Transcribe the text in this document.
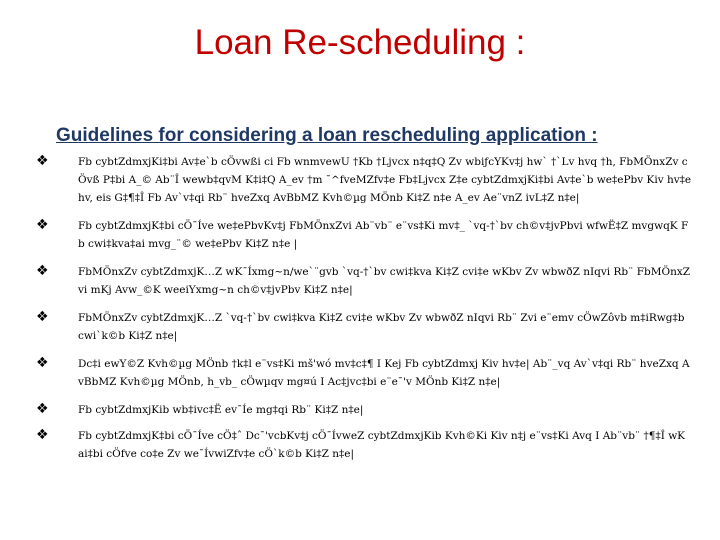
Loan Re-scheduling :
Guidelines for considering a loan rescheduling application :
❖	Fb cybtZdmxjKi‡bi Av‡e`b cÖvwßi ci Fb wnmvewU †Kb †Ljvcx n‡q‡Q Zv wbiƒcYKv‡j hw` †`Lv hvq †h, FbMÖnxZv cÖvß P‡bi A_© Ab¨Î wewb‡qvM K‡i‡Q A_ev †m ¯^fveMZfv‡e Fb‡Ljvcx Z‡e cybtZdmxjKi‡bi Av‡e`b we‡ePbv Kiv hv‡e hv, eis G‡¶‡Î Fb Av`v‡qi Rb¨ hveZxq AvBbMZ Kvh©µg MÖnb Ki‡Z n‡e A_ev Ae¨vnZ ivL‡Z n‡e|
❖	Fb cybtZdmxjK‡bi cÖ¯Íve we‡ePbvKv‡j FbMÖnxZvi Ab¨vb¨ e¨vs‡Ki mv‡_ `vq-†`bv ch©v‡jvPbvi wfwË‡Z mvgwqK Fb cwi‡kva‡ai mvg_¨© we‡ePbv Ki‡Z n‡e |
❖	FbMÖnxZv cybtZdmxjK…Z wK¯Íxmg~n/we`¨gvb `vq-†`bv cwi‡kva Ki‡Z cvi‡e wKbv Zv wbwðZ nIqvi Rb¨ FbMÖnxZvi mKj Avw_©K weeiYxmg~n ch©v‡jvPbv Ki‡Z n‡e|
❖	FbMÖnxZv cybtZdmxjK…Z `vq-†`bv cwi‡kva Ki‡Z cvi‡e wKbv Zv wbwðZ nIqvi Rb¨ Zvi e¨emv cÖwZôvb m‡iRwg‡b cwi`k©b Ki‡Z n‡e|
❖	Dc‡i ewY©Z Kvh©µg MÖnb †k‡l e¨vs‡Ki mš'wó mv‡c‡¶ I Kej Fb cybtZdmxj Kiv hv‡e| Ab¨_vq Av`v‡qi Rb¨ hveZxq AvBbMZ Kvh©µg MÖnb, h_vb_ cÖwµqv mg¤ú I Ac‡jvc‡bi e¨e¯'v MÖnb Ki‡Z n‡e|
❖	Fb cybtZdmxjKib wb‡ivc‡Ë ev¯Íe mg‡qi Rb¨ Ki‡Z n‡e|
❖	Fb cybtZdmxjK‡bi cÖ¯Íve cÖ‡ˆ Dc¯'vcbKv‡j cÖ¯ÍvweZ cybtZdmxjKib Kvh©Ki Kiv n‡j e¨vs‡Ki Avq I Ab¨vb¨ †¶‡Î wK ai‡bi cÖfve co‡e Zv we¯ÍvwiZfv‡e cÖ`k©b Ki‡Z n‡e|
